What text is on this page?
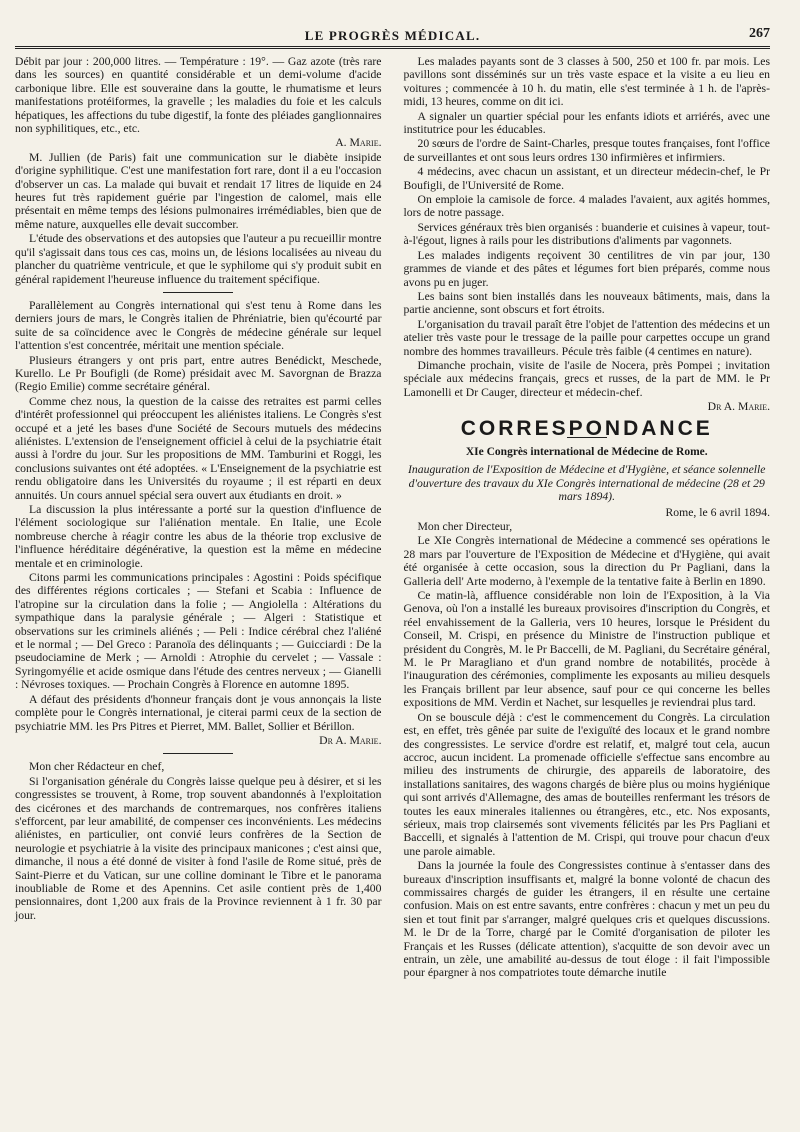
LE PROGRÈS MÉDICAL.	267

Débit par jour : 200,000 litres. — Température : 19°. — Gaz azote (très rare dans les sources) en quantité considérable et un demi-volume d'acide carbonique libre. Elle est souveraine dans la goutte, le rhumatisme et leurs manifestations protéiformes, la gravelle ; les maladies du foie et les calculs hépatiques, les affections du tube digestif, la fonte des pléiades ganglionnaires non syphilitiques, etc., etc.

A. Marie.

M. Jullien (de Paris) fait une communication sur le diabète insipide d'origine syphilitique. C'est une manifestation fort rare, dont il a eu l'occasion d'observer un cas. La malade qui buvait et rendait 17 litres de liquide en 24 heures fut très rapidement guérie par l'ingestion de calomel, mais elle présentait en même temps des lésions pulmonaires irrémédiables, bien que de même nature, auxquelles elle devait succomber.

L'étude des observations et des autopsies que l'auteur a pu recueillir montre qu'il s'agissait dans tous ces cas, moins un, de lésions localisées au niveau du plancher du quatrième ventricule, et que le syphilome qui s'y produit subit en général rapidement l'heureuse influence du traitement spécifique.

Parallèlement au Congrès international qui s'est tenu à Rome dans les derniers jours de mars, le Congrès italien de Phréniatrie, bien qu'écourté par suite de sa coïncidence avec le Congrès de médecine générale sur lequel l'attention s'est concentrée, méritait une mention spéciale.

Plusieurs étrangers y ont pris part, entre autres Benédickt, Meschede, Kurello. Le Pr Boufigli (de Rome) présidait avec M. Savorgnan de Brazza (Regio Emilie) comme secrétaire général.

Comme chez nous, la question de la caisse des retraites est parmi celles d'intérêt professionnel qui préoccupent les aliénistes italiens. Le Congrès s'est occupé et a jeté les bases d'une Société de Secours mutuels des médecins aliénistes. L'extension de l'enseignement officiel à celui de la psychiatrie était aussi à l'ordre du jour. Sur les propositions de MM. Tamburini et Roggi, les conclusions suivantes ont été adoptées. « L'Enseignement de la psychiatrie est rendu obligatoire dans les Universités du royaume ; il est réparti en deux annuités. Un cours annuel spécial sera ouvert aux étudiants en droit. »

La discussion la plus intéressante a porté sur la question d'influence de l'élément sociologique sur l'aliénation mentale. En Italie, une Ecole nombreuse cherche à réagir contre les abus de la théorie trop exclusive de l'influence héréditaire dégénérative, la question est la même en médecine mentale et en criminologie.

Citons parmi les communications principales : Agostini : Poids spécifique des différentes régions corticales ; — Stefani et Scabia : Influence de l'atropine sur la circulation dans la folie ; — Angiolella : Altérations du sympathique dans la paralysie générale ; — Algeri : Statistique et observations sur les criminels aliénés ; — Peli : Indice cérébral chez l'aliéné et le normal ; — Del Greco : Paranoïa des délinquants ; — Guicciardi : De la pseudociamine de Merk ; — Arnoldi : Atrophie du cervelet ; — Vassale : Syringomyélie et acide osmique dans l'étude des centres nerveux ; — Gianelli : Névroses toxiques. — Prochain Congrès à Florence en automne 1895.

A défaut des présidents d'honneur français dont je vous annonçais la liste complète pour le Congrès international, je citerai parmi ceux de la section de psychiatrie MM. les Prs Pitres et Pierret, MM. Ballet, Sollier et Bérillon.

Dr A. Marie.

Mon cher Rédacteur en chef,

Si l'organisation générale du Congrès laisse quelque peu à désirer, et si les congressistes se trouvent, à Rome, trop souvent abandonnés à l'exploitation des cicérones et des marchands de contremarques, nos confrères italiens s'efforcent, par leur amabilité, de compenser ces inconvénients. Les médecins aliénistes, en particulier, ont convié leurs confrères de la Section de neurologie et psychiatrie à la visite des principaux manicones ; c'est ainsi que, dimanche, il nous a été donné de visiter à fond l'asile de Rome situé, près de Saint-Pierre et du Vatican, sur une colline dominant le Tibre et le panorama inoubliable de Rome et des Apennins. Cet asile contient près de 1,400 pensionnaires, dont 1,200 aux frais de la Province reviennent à 1 fr. 30 par jour.

Les malades payants sont de 3 classes à 500, 250 et 100 fr. par mois. Les pavillons sont disséminés sur un très vaste espace et la visite a eu lieu en voitures ; commencée à 10 h. du matin, elle s'est terminée à 1 h. de l'après-midi, 13 heures, comme on dit ici.

A signaler un quartier spécial pour les enfants idiots et arriérés, avec une institutrice pour les éducables.

20 sœurs de l'ordre de Saint-Charles, presque toutes françaises, font l'office de surveillantes et ont sous leurs ordres 130 infirmières et infirmiers.

4 médecins, avec chacun un assistant, et un directeur médecin-chef, le Pr Boufigli, de l'Université de Rome.

On emploie la camisole de force. 4 malades l'avaient, aux agités hommes, lors de notre passage.

Services généraux très bien organisés : buanderie et cuisines à vapeur, tout-à-l'égout, lignes à rails pour les distributions d'aliments par vagonnets.

Les malades indigents reçoivent 30 centilitres de vin par jour, 130 grammes de viande et des pâtes et légumes fort bien préparés, comme nous avons pu en juger.

Les bains sont bien installés dans les nouveaux bâtiments, mais, dans la partie ancienne, sont obscurs et fort étroits.

L'organisation du travail paraît être l'objet de l'attention des médecins et un atelier très vaste pour le tressage de la paille pour carpettes occupe un grand nombre des hommes travailleurs. Pécule très faible (4 centimes en nature).

Dimanche prochain, visite de l'asile de Nocera, près Pompei ; invitation spéciale aux médecins français, grecs et russes, de la part de MM. le Pr Lamonelli et Dr Cauger, directeur et médecin-chef.

Dr A. Marie.

CORRESPONDANCE
XIe Congrès international de Médecine de Rome.

Inauguration de l'Exposition de Médecine et d'Hygiène, et séance solennelle d'ouverture des travaux du XIe Congrès international de médecine (28 et 29 mars 1894).

Rome, le 6 avril 1894.

Mon cher Directeur,

Le XIe Congrès international de Médecine a commencé ses opérations le 28 mars par l'ouverture de l'Exposition de Médecine et d'Hygiène, qui avait été organisée à cette occasion, sous la direction du Pr Pagliani, dans la Galleria dell' Arte moderno, à l'exemple de la tentative faite à Berlin en 1890.

Ce matin-là, affluence considérable non loin de l'Exposition, à la Via Genova, où l'on a installé les bureaux provisoires d'inscription du Congrès, et réel envahissement de la Galleria, vers 10 heures, lorsque le Président du Conseil, M. Crispi, en présence du Ministre de l'instruction publique et président du Congrès, M. le Pr Baccelli, de M. Pagliani, du Secrétaire général, M. le Pr Maragliano et d'un grand nombre de notabilités, procède à l'inauguration des cérémonies, complimente les exposants au milieu desquels les Français brillent par leur absence, sauf pour ce qui concerne les belles expositions de MM. Verdin et Nachet, sur lesquelles je reviendrai plus tard.

On se bouscule déjà : c'est le commencement du Congrès. La circulation est, en effet, très gênée par suite de l'exiguïté des locaux et le grand nombre des congressistes. Le service d'ordre est relatif, et, malgré tout cela, aucun accroc, aucun incident. La promenade officielle s'effectue sans encombre au milieu des instruments de chirurgie, des appareils de laboratoire, des installations sanitaires, des wagons chargés de bière plus ou moins hygiénique qui sont arrivés d'Allemagne, des amas de bouteilles renfermant les trésors de toutes les eaux minerales italiennes ou étrangères, etc., etc. Nos exposants, sérieux, mais trop clairsemés sont vivements félicités par les Prs Pagliani et Baccelli, et signalés à l'attention de M. Crispi, qui trouve pour chacun d'eux une parole aimable.

Dans la journée la foule des Congressistes continue à s'entasser dans des bureaux d'inscription insuffisants et, malgré la bonne volonté de chacun des commissaires chargés de guider les étrangers, il en résulte une certaine confusion. Mais on est entre savants, entre confrères : chacun y met un peu du sien et tout finit par s'arranger, malgré quelques cris et quelques discussions. M. le Dr de la Torre, chargé par le Comité d'organisation de piloter les Français et les Russes (délicate attention), s'acquitte de son devoir avec un entrain, un zèle, une amabilité au-dessus de tout éloge : il fait l'impossible pour épargner à nos compatriotes toute démarche inutile
